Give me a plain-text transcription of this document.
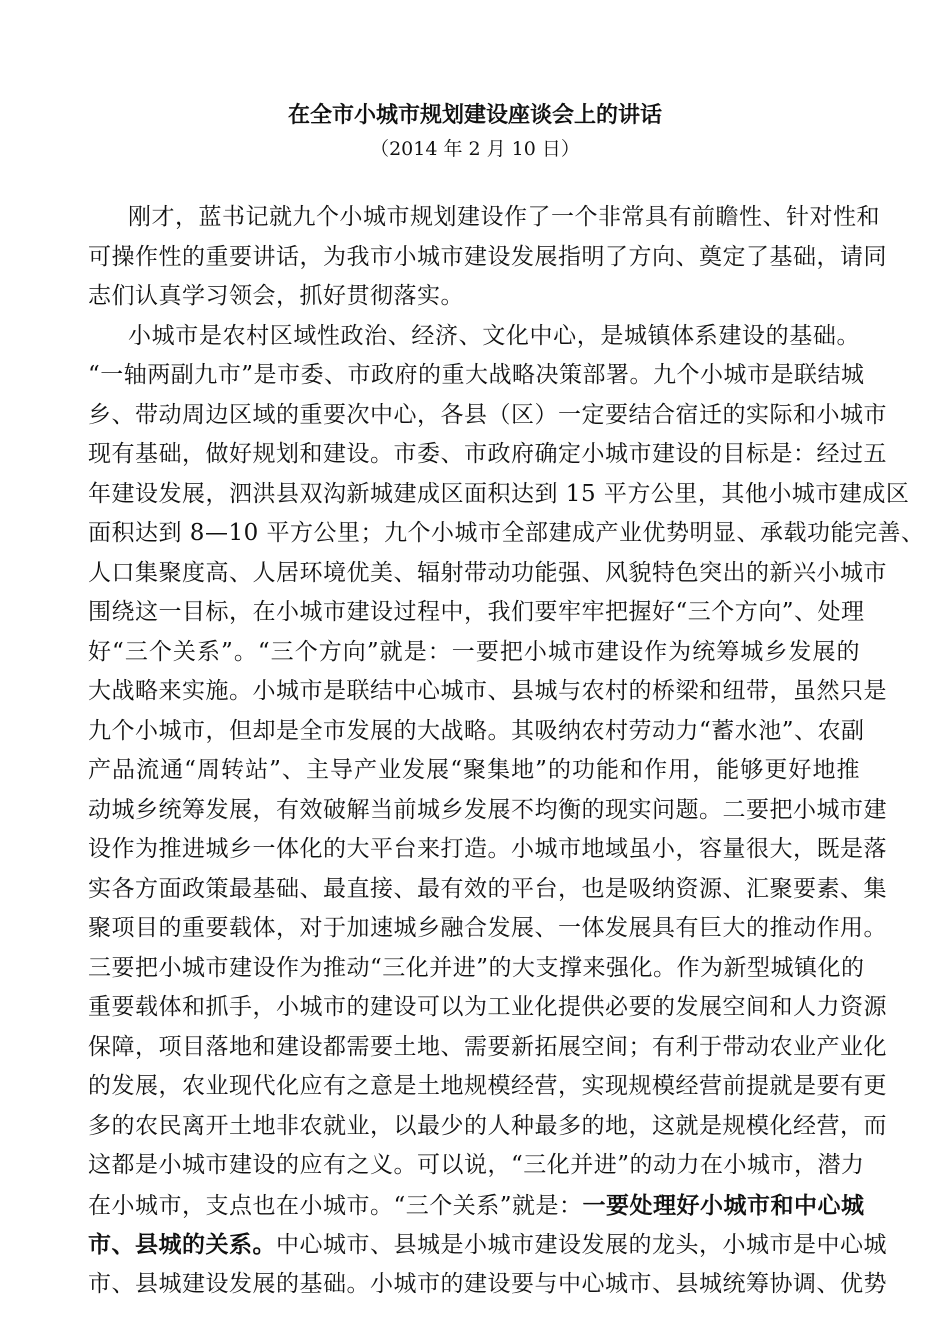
在全市小城市规划建设座谈会上的讲话
（2014 年 2 月 10 日）
刚才，蓝书记就九个小城市规划建设作了一个非常具有前瞻性、针对性和
可操作性的重要讲话，为我市小城市建设发展指明了方向、奠定了基础，请同
志们认真学习领会，抓好贯彻落实。
小城市是农村区域性政治、经济、文化中心，是城镇体系建设的基础。
“一轴两副九市”是市委、市政府的重大战略决策部署。九个小城市是联结城
乡、带动周边区域的重要次中心，各县（区）一定要结合宿迁的实际和小城市
现有基础，做好规划和建设。市委、市政府确定小城市建设的目标是：经过五
年建设发展，泗洪县双沟新城建成区面积达到 15 平方公里，其他小城市建成区
面积达到 8—10 平方公里；九个小城市全部建成产业优势明显、承载功能完善、
人口集聚度高、人居环境优美、辐射带动功能强、风貌特色突出的新兴小城市
围绕这一目标，在小城市建设过程中，我们要牢牢把握好“三个方向”、处理
好“三个关系”。“三个方向”就是：一要把小城市建设作为统筹城乡发展的
大战略来实施。小城市是联结中心城市、县城与农村的桥梁和纽带，虽然只是
九个小城市，但却是全市发展的大战略。其吸纳农村劳动力“蓄水池”、农副
产品流通“周转站”、主导产业发展“聚集地”的功能和作用，能够更好地推
动城乡统筹发展，有效破解当前城乡发展不均衡的现实问题。二要把小城市建
设作为推进城乡一体化的大平台来打造。小城市地域虽小，容量很大，既是落
实各方面政策最基础、最直接、最有效的平台，也是吸纳资源、汇聚要素、集
聚项目的重要载体，对于加速城乡融合发展、一体发展具有巨大的推动作用。
三要把小城市建设作为推动“三化并进”的大支撑来强化。作为新型城镇化的
重要载体和抓手，小城市的建设可以为工业化提供必要的发展空间和人力资源
保障，项目落地和建设都需要土地、需要新拓展空间；有利于带动农业产业化
的发展，农业现代化应有之意是土地规模经营，实现规模经营前提就是要有更
多的农民离开土地非农就业，以最少的人种最多的地，这就是规模化经营，而
这都是小城市建设的应有之义。可以说，“三化并进”的动力在小城市，潜力
在小城市，支点也在小城市。“三个关系”就是：一要处理好小城市和中心城
市、县城的关系。中心城市、县城是小城市建设发展的龙头，小城市是中心城
市、县城建设发展的基础。小城市的建设要与中心城市、县城统筹协调、优势
